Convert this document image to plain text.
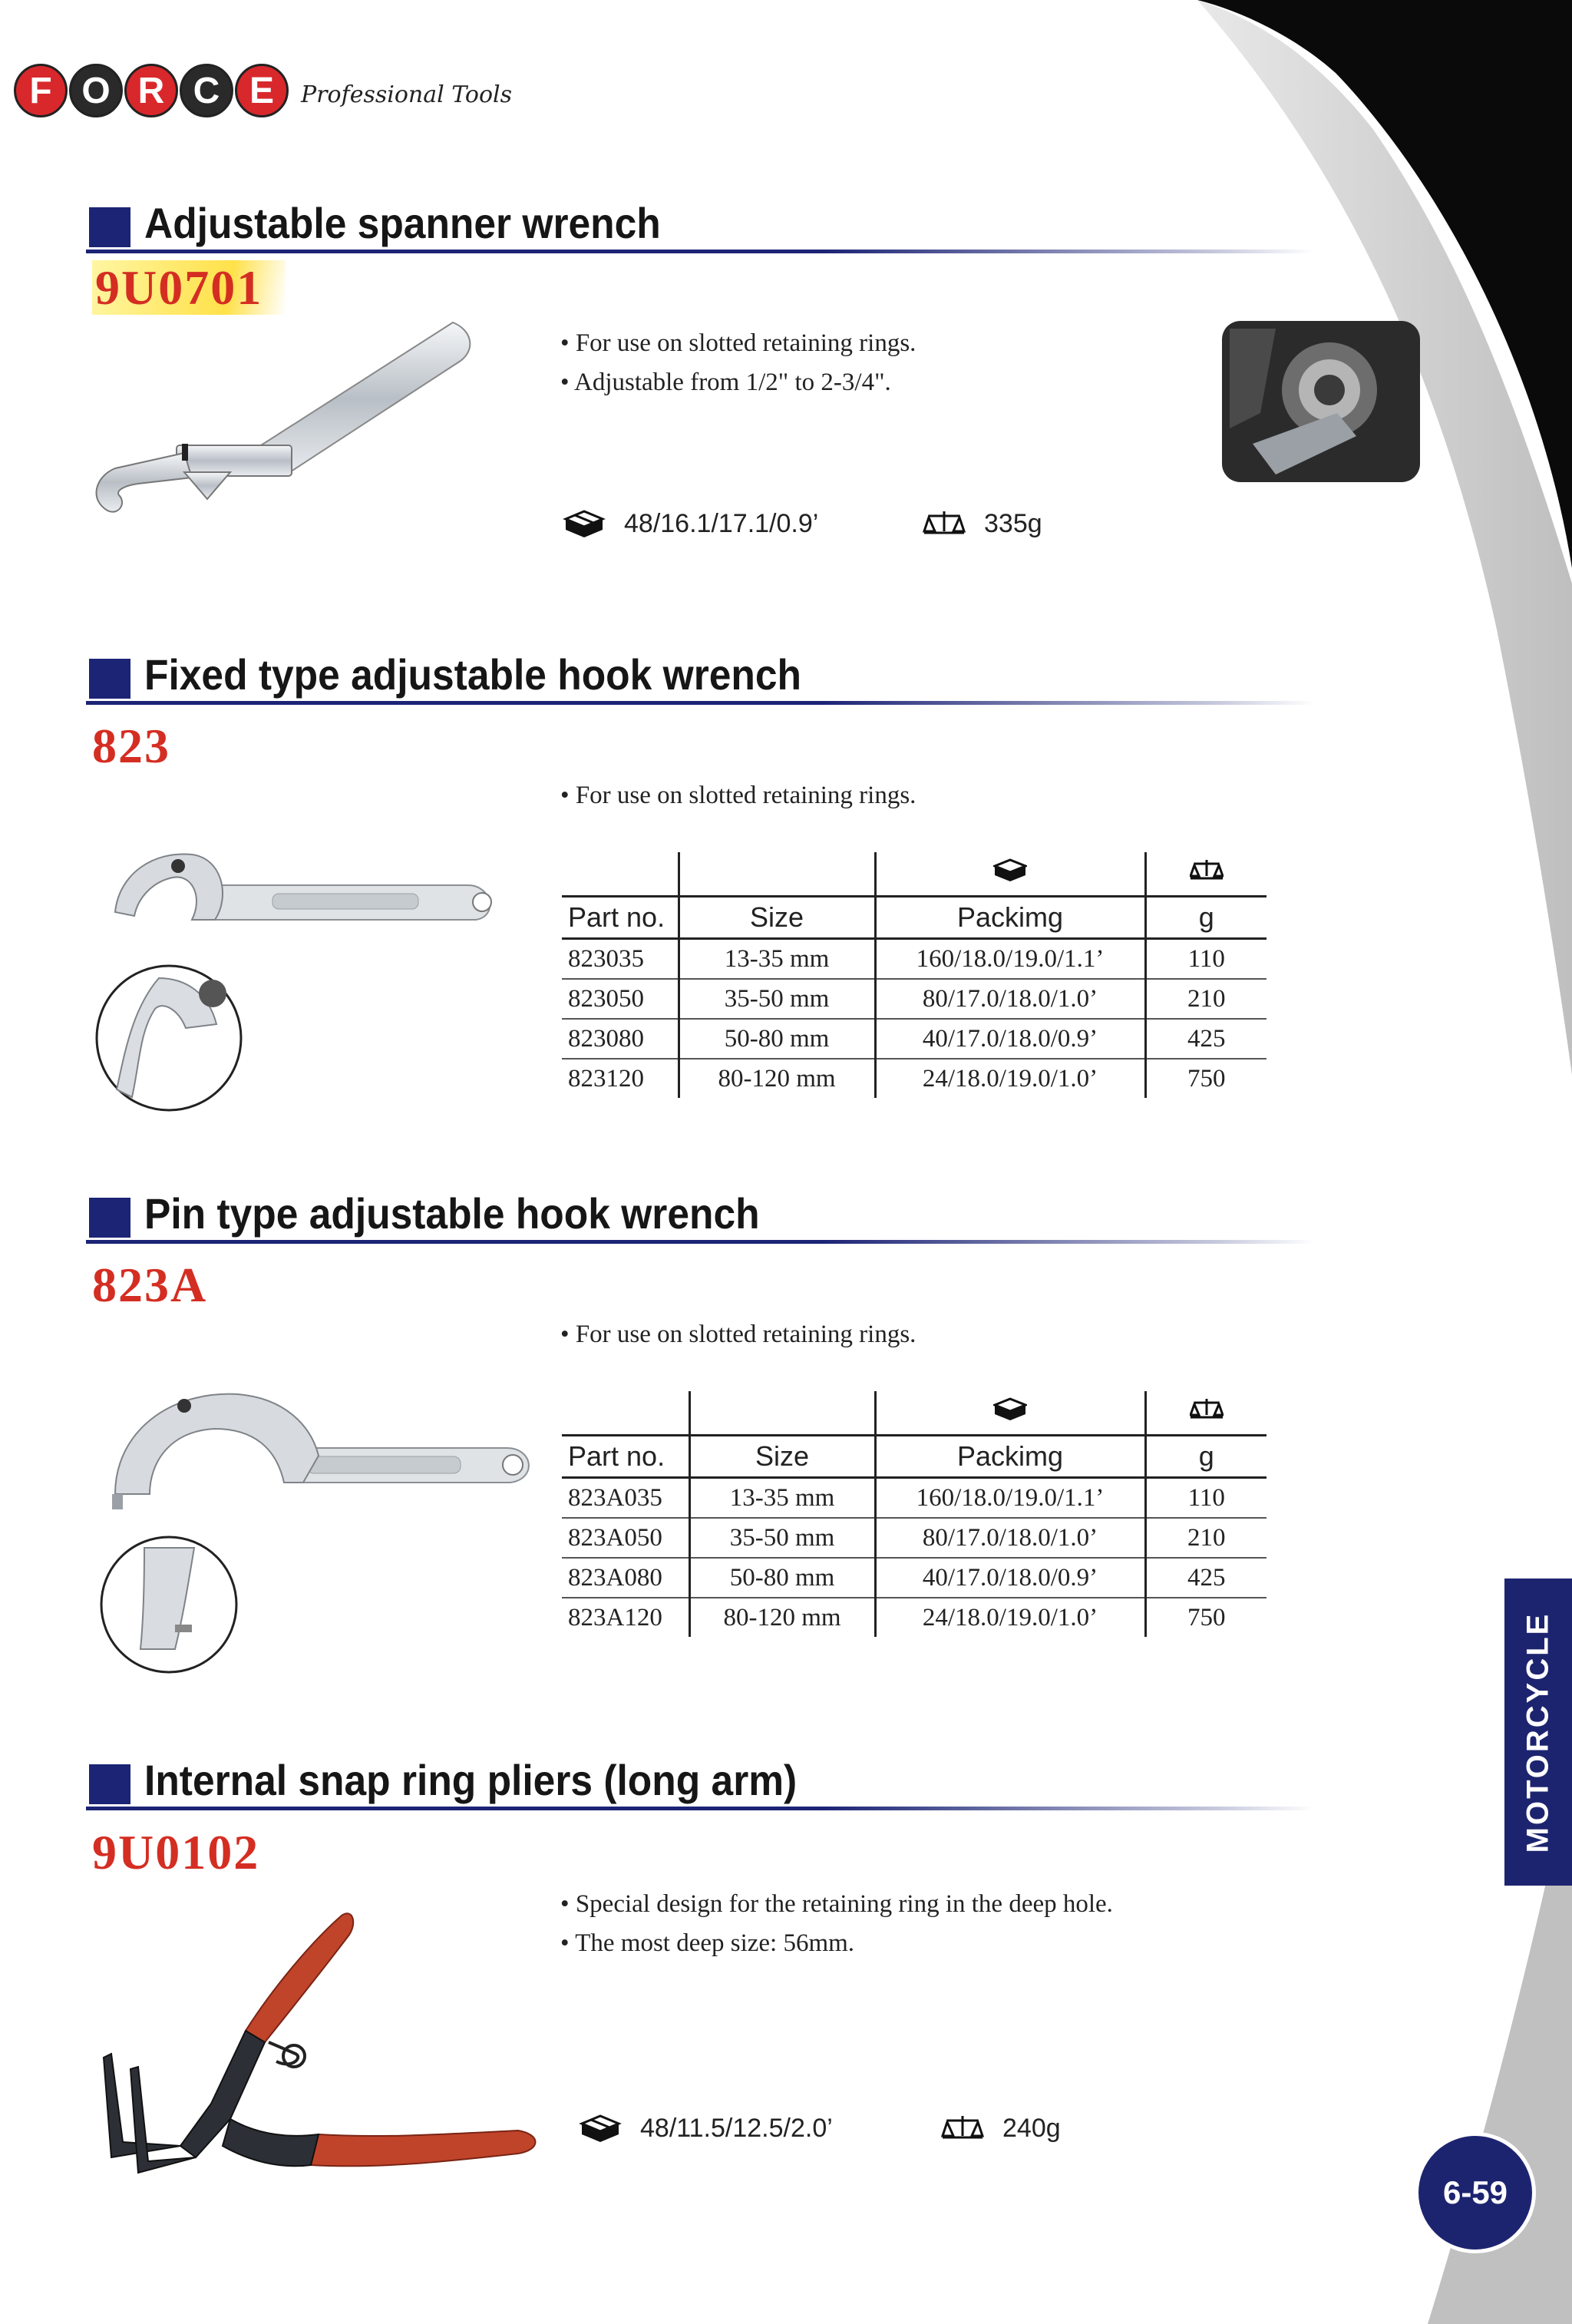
F O R C E	Professional Tools
Adjustable spanner wrench
9U0701
• For use on slotted retaining rings.
• Adjustable from 1/2" to 2-3/4".
48/16.1/17.1/0.9’	335g
Fixed type adjustable hook wrench
823
• For use on slotted retaining rings.

Part no.	Size	Packimg	g
823035	13-35 mm	160/18.0/19.0/1.1’	110
823050	35-50 mm	80/17.0/18.0/1.0’	210
823080	50-80 mm	40/17.0/18.0/0.9’	425
823120	80-120 mm	24/18.0/19.0/1.0’	750
Pin type adjustable hook wrench
823A
• For use on slotted retaining rings.

Part no.	Size	Packimg	g
823A035	13-35 mm	160/18.0/19.0/1.1’	110
823A050	35-50 mm	80/17.0/18.0/1.0’	210
823A080	50-80 mm	40/17.0/18.0/0.9’	425
823A120	80-120 mm	24/18.0/19.0/1.0’	750
Internal snap ring pliers (long arm)
9U0102
• Special design for the retaining ring in the deep hole.
• The most deep size: 56mm.
48/11.5/12.5/2.0’	240g
MOTORCYCLE
6-59
